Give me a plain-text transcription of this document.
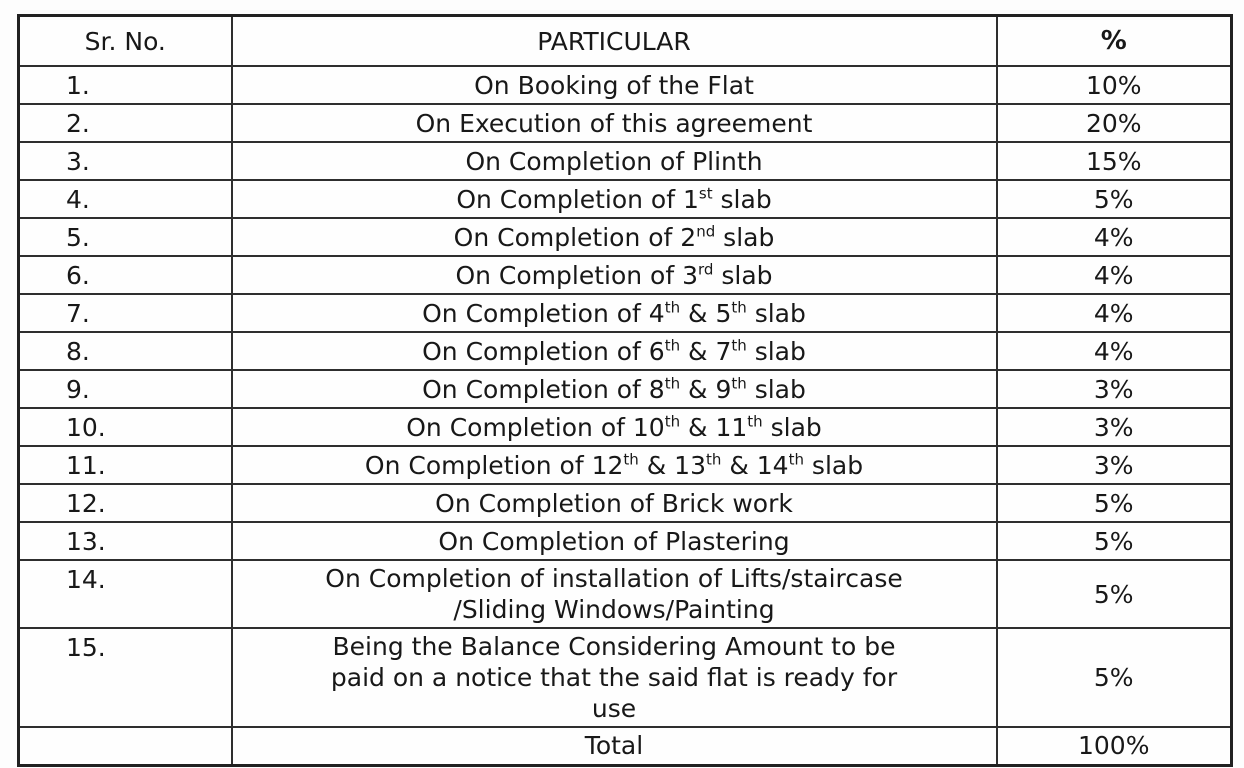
Sr. No.	PARTICULAR	%
1.	On Booking of the Flat	10%
2.	On Execution of this agreement	20%
3.	On Completion of Plinth	15%
4.	On Completion of 1st slab	5%
5.	On Completion of 2nd slab	4%
6.	On Completion of 3rd slab	4%
7.	On Completion of 4th & 5th slab	4%
8.	On Completion of 6th & 7th slab	4%
9.	On Completion of 8th & 9th slab	3%
10.	On Completion of 10th & 11th slab	3%
11.	On Completion of 12th & 13th & 14th slab	3%
12.	On Completion of Brick work	5%
13.	On Completion of Plastering	5%
14.	On Completion of installation of Lifts/staircase
/Sliding Windows/Painting	5%
15.	Being the Balance Considering Amount to be
paid on a notice that the said flat is ready for
use	5%
	Total	100%
